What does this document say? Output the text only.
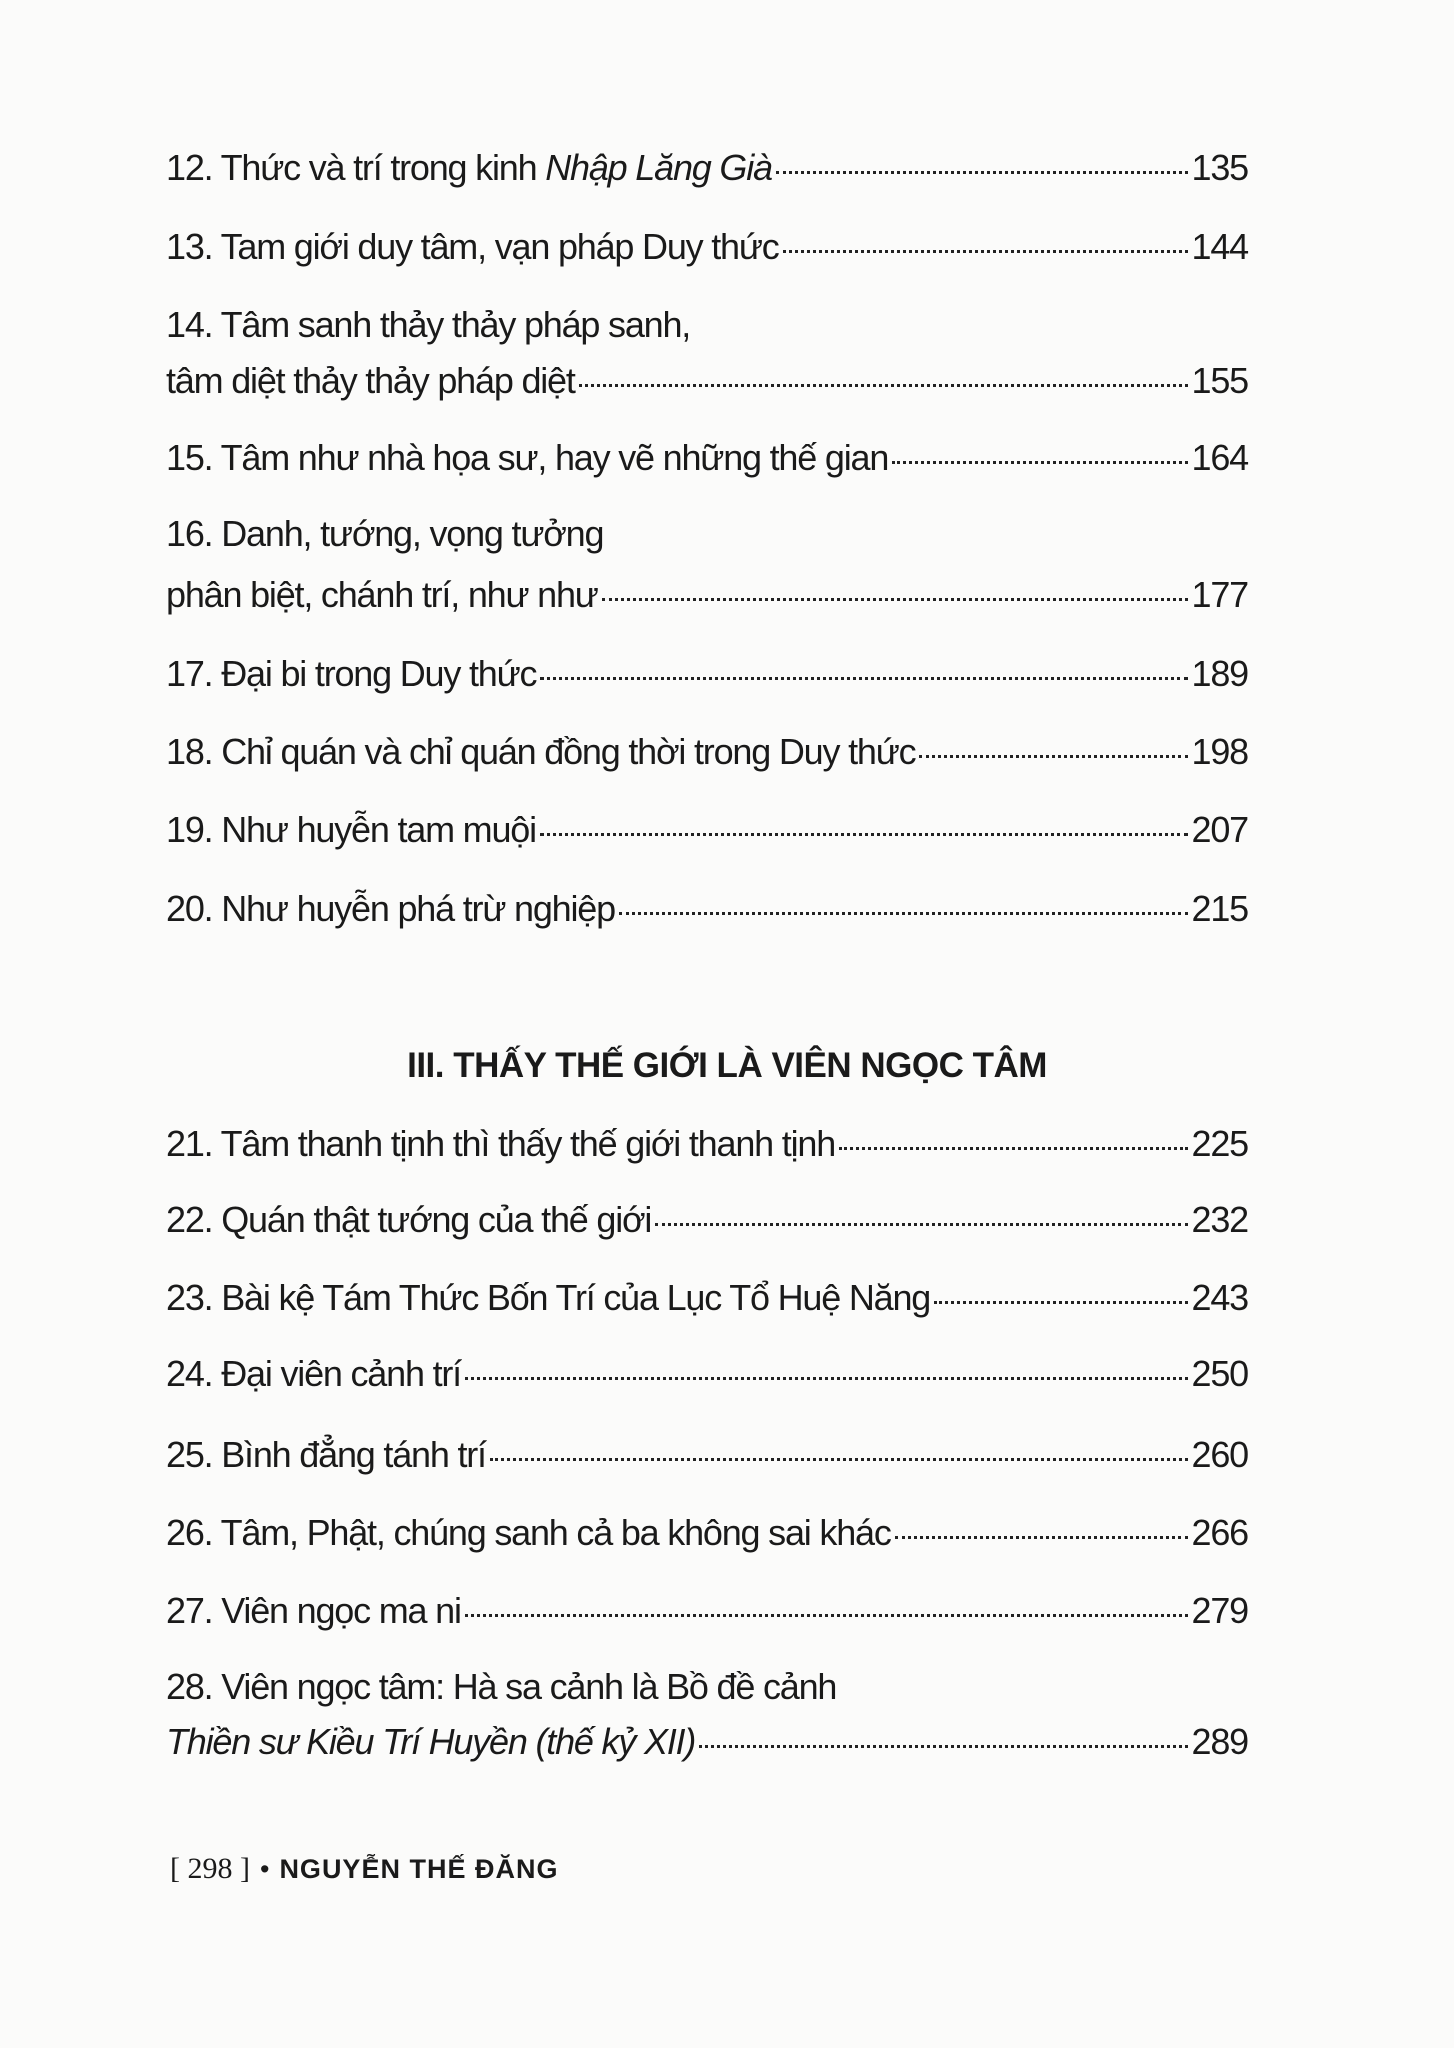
12. Thức và trí trong kinh Nhập Lăng Già	135
13. Tam giới duy tâm, vạn pháp Duy thức	144
14. Tâm sanh thảy thảy pháp sanh,
tâm diệt thảy thảy pháp diệt	155
15. Tâm như nhà họa sư, hay vẽ những thế gian	164
16. Danh, tướng, vọng tưởng
phân biệt, chánh trí, như như	177
17. Đại bi trong Duy thức	189
18. Chỉ quán và chỉ quán đồng thời trong Duy thức	198
19. Như huyễn tam muội	207
20. Như huyễn phá trừ nghiệp	215
III. THẤY THẾ GIỚI LÀ VIÊN NGỌC TÂM
21. Tâm thanh tịnh thì thấy thế giới thanh tịnh	225
22. Quán thật tướng của thế giới	232
23. Bài kệ Tám Thức Bốn Trí của Lục Tổ Huệ Năng	243
24. Đại viên cảnh trí	250
25. Bình đẳng tánh trí	260
26. Tâm, Phật, chúng sanh cả ba không sai khác	266
27. Viên ngọc ma ni	279
28. Viên ngọc tâm: Hà sa cảnh là Bồ đề cảnh
Thiền sư Kiều Trí Huyền (thế kỷ XII)	289
[ 298 ] • NGUYỄN THẾ ĐĂNG
